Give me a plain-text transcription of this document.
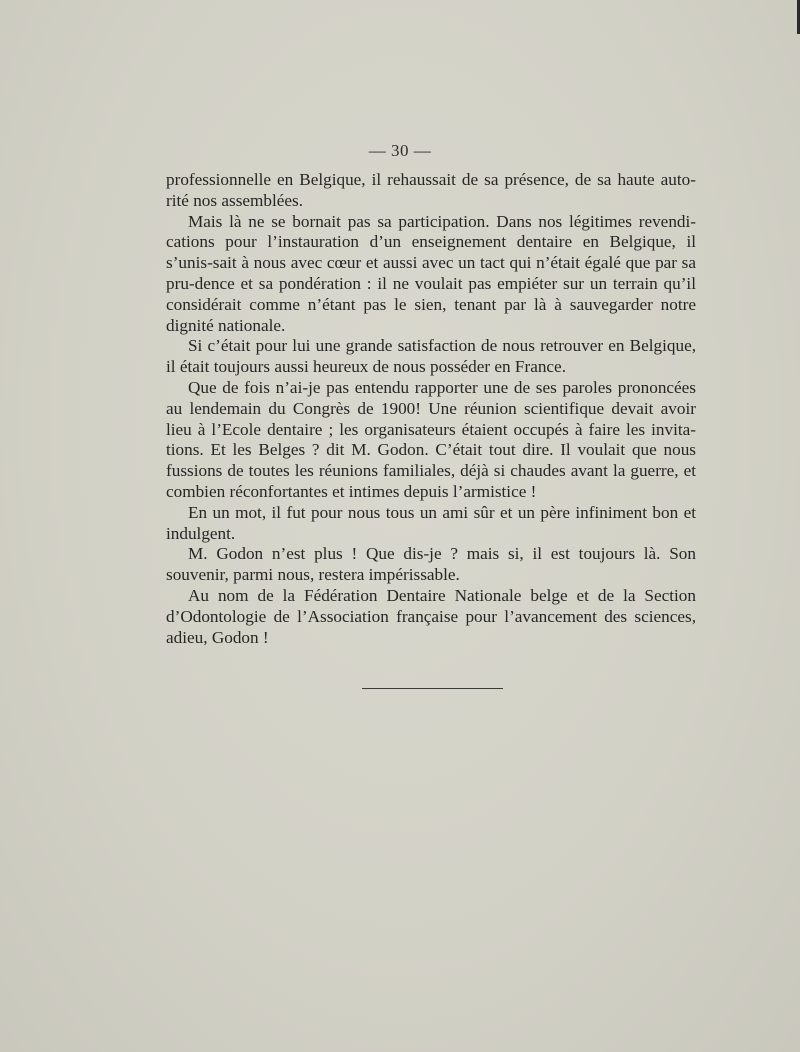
— 30 —

professionnelle en Belgique, il rehaussait de sa présence, de sa haute auto-rité nos assemblées.

Mais là ne se bornait pas sa participation. Dans nos légitimes revendi-cations pour l’instauration d’un enseignement dentaire en Belgique, il s’unis-sait à nous avec cœur et aussi avec un tact qui n’était égalé que par sa pru-dence et sa pondération : il ne voulait pas empiéter sur un terrain qu’il considérait comme n’étant pas le sien, tenant par là à sauvegarder notre dignité nationale.

Si c’était pour lui une grande satisfaction de nous retrouver en Belgique, il était toujours aussi heureux de nous posséder en France.

Que de fois n’ai-je pas entendu rapporter une de ses paroles prononcées au lendemain du Congrès de 1900! Une réunion scientifique devait avoir lieu à l’Ecole dentaire ; les organisateurs étaient occupés à faire les invita-tions. Et les Belges ? dit M. Godon. C’était tout dire. Il voulait que nous fussions de toutes les réunions familiales, déjà si chaudes avant la guerre, et combien réconfortantes et intimes depuis l’armistice !

En un mot, il fut pour nous tous un ami sûr et un père infiniment bon et indulgent.

M. Godon n’est plus ! Que dis-je ? mais si, il est toujours là. Son souvenir, parmi nous, restera impérissable.

Au nom de la Fédération Dentaire Nationale belge et de la Section d’Odontologie de l’Association française pour l’avancement des sciences, adieu, Godon !
